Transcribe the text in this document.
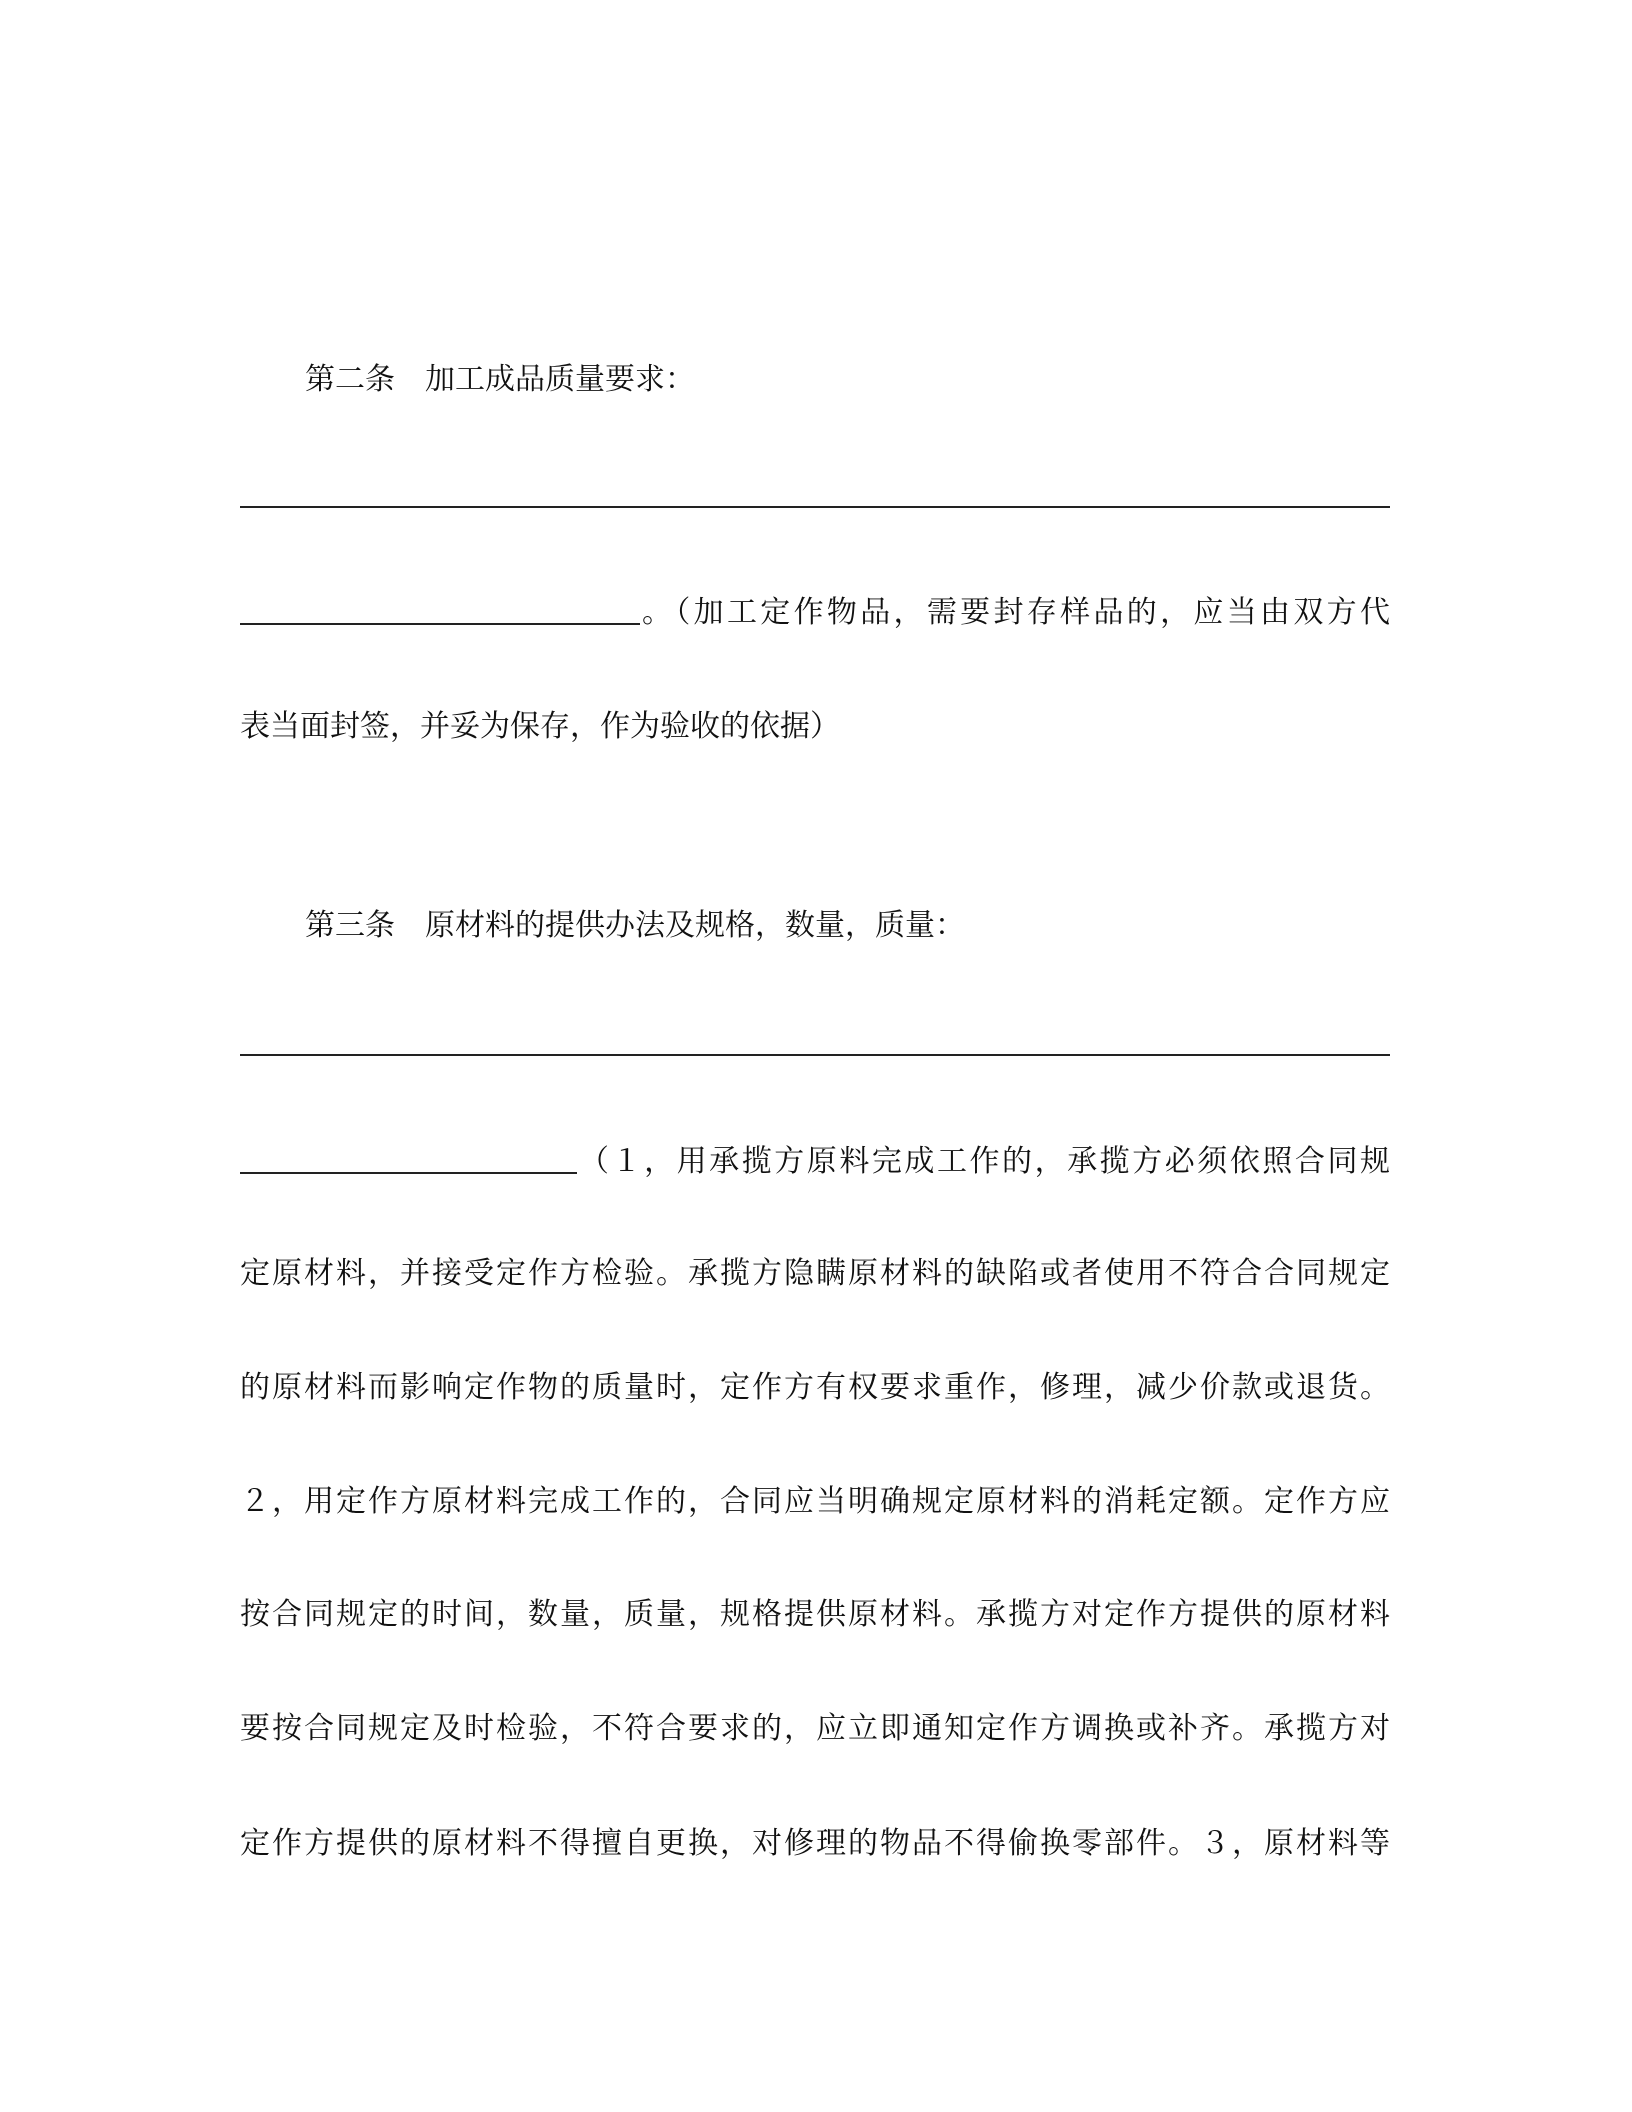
第二条 加工成品质量要求：
。（加工定作物品，需要封存样品的，应当由双方代
表当面封签，并妥为保存，作为验收的依据）
第三条 原材料的提供办法及规格，数量，质量：
（１，用承揽方原料完成工作的，承揽方必须依照合同规
定原材料，并接受定作方检验。承揽方隐瞒原材料的缺陷或者使用不符合合同规定
的原材料而影响定作物的质量时，定作方有权要求重作，修理，减少价款或退货。
２，用定作方原材料完成工作的，合同应当明确规定原材料的消耗定额。定作方应
按合同规定的时间，数量，质量，规格提供原材料。承揽方对定作方提供的原材料
要按合同规定及时检验，不符合要求的，应立即通知定作方调换或补齐。承揽方对
定作方提供的原材料不得擅自更换，对修理的物品不得偷换零部件。３，原材料等
